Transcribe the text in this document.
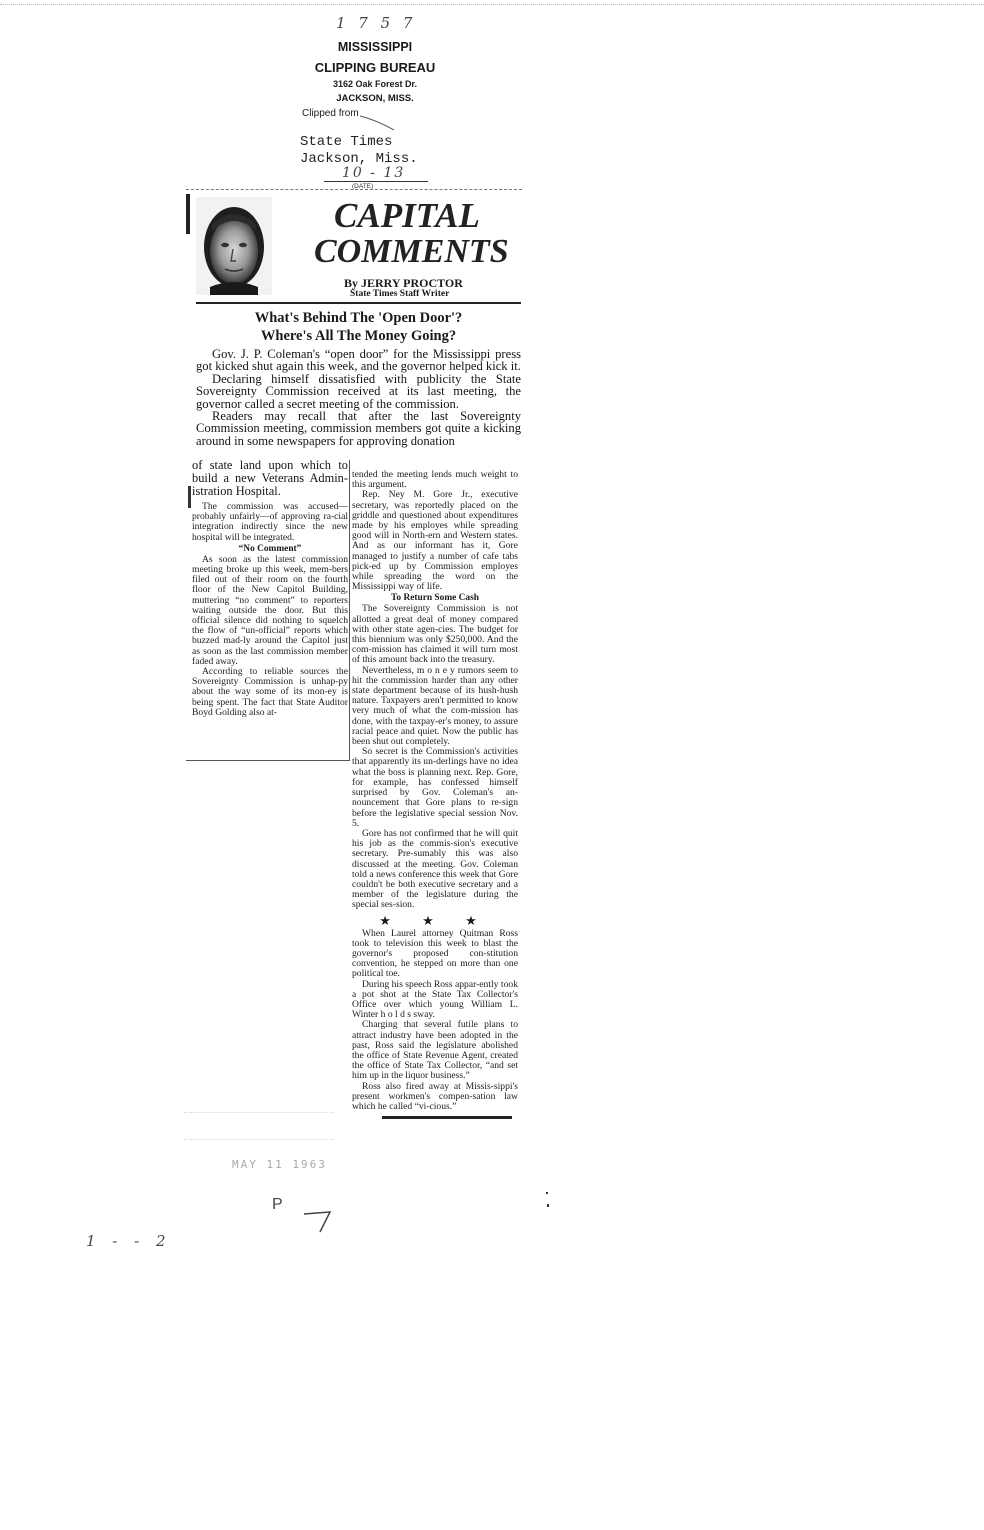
1 7 5 7
MISSISSIPPI
CLIPPING BUREAU
3162 Oak Forest Dr.
JACKSON, MISS.
Clipped from
State Times
Jackson, Miss.
10 - 13
(DATE)
CAPITAL
COMMENTS
By JERRY PROCTOR
State Times Staff Writer
What's Behind The 'Open Door'?
Where's All The Money Going?

Gov. J. P. Coleman's “open door” for the Mississippi press got kicked shut again this week, and the governor helped kick it.

Declaring himself dissatisfied with publicity the State Sovereignty Commission received at its last meeting, the governor called a secret meeting of the commission.

Readers may recall that after the last Sovereignty Commission meeting, commission members got quite a kicking around in some newspapers for approving donation

of state land upon which to build a new Veterans Admin-istration Hospital.

The commission was accused—probably unfairly—of approving ra-cial integration indirectly since the new hospital will be integrated.

“No Comment”

As soon as the latest commission meeting broke up this week, mem-bers filed out of their room on the fourth floor of the New Capitol Building, muttering “no comment” to reporters waiting outside the door. But this official silence did nothing to squelch the flow of “un-official” reports which buzzed mad-ly around the Capitol just as soon as the last commission member faded away.

According to reliable sources the Sovereignty Commission is unhap-py about the way some of its mon-ey is being spent. The fact that State Auditor Boyd Golding also at-

tended the meeting lends much weight to this argument.

Rep. Ney M. Gore Jr., executive secretary, was reportedly placed on the griddle and questioned about expenditures made by his employes while spreading good will in North-ern and Western states. And as our informant has it, Gore managed to justify a number of cafe tabs pick-ed up by Commission employes while spreading the word on the Mississippi way of life.

To Return Some Cash

The Sovereignty Commission is not allotted a great deal of money compared with other state agen-cies. The budget for this biennium was only $250,000. And the com-mission has claimed it will turn most of this amount back into the treasury.

Nevertheless, m o n e y rumors seem to hit the commission harder than any other state department because of its hush-hush nature. Taxpayers aren't permitted to know very much of what the com-mission has done, with the taxpay-er's money, to assure racial peace and quiet. Now the public has been shut out completely.

So secret is the Commission's activities that apparently its un-derlings have no idea what the boss is planning next. Rep. Gore, for example, has confessed himself surprised by Gov. Coleman's an-nouncement that Gore plans to re-sign before the legislative special session Nov. 5.

Gore has not confirmed that he will quit his job as the commis-sion's executive secretary. Pre-sumably this was also discussed at the meeting. Gov. Coleman told a news conference this week that Gore couldn't be both executive secretary and a member of the legislature during the special ses-sion.

★ ★ ★

When Laurel attorney Quitman Ross took to television this week to blast the governor's proposed con-stitution convention, he stepped on more than one political toe.

During his speech Ross appar-ently took a pot shot at the State Tax Collector's Office over which young William L. Winter h o l d s sway.

Charging that several futile plans to attract industry have been adopted in the past, Ross said the legislature abolished the office of State Revenue Agent, created the office of State Tax Collector, “and set him up in the liquor business.”

Ross also fired away at Missis-sippi's present workmen's compen-sation law which he called “vi-cious.”

MAY 11 1963
P
1 - - 2
